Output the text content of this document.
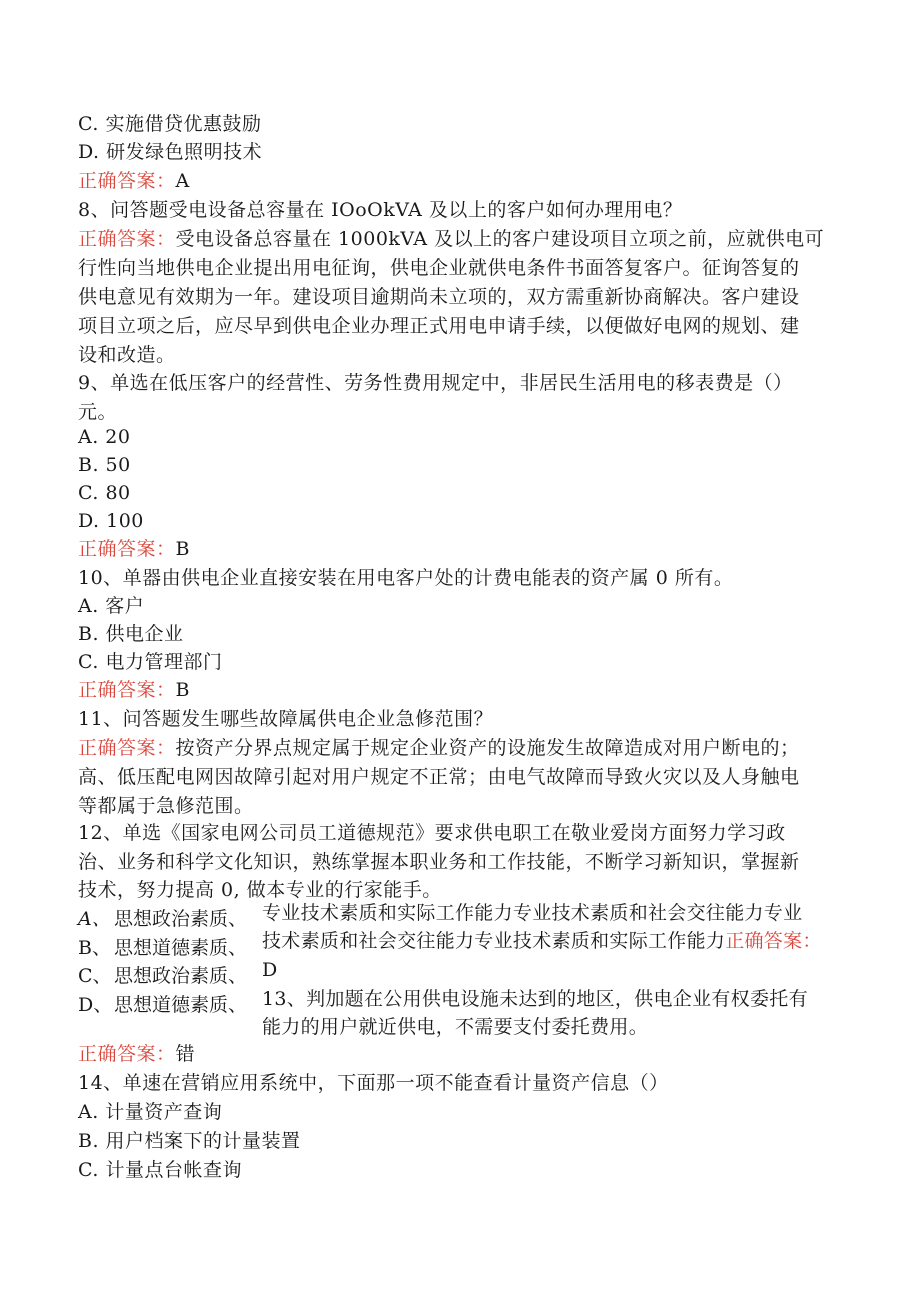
C. 实施借贷优惠鼓励
D. 研发绿色照明技术
正确答案：A
8、问答题受电设备总容量在 IOoOkVA 及以上的客户如何办理用电？
正确答案：受电设备总容量在 1000kVA 及以上的客户建设项目立项之前，应就供电可
行性向当地供电企业提出用电征询，供电企业就供电条件书面答复客户。征询答复的
供电意见有效期为一年。建设项目逾期尚未立项的，双方需重新协商解决。客户建设
项目立项之后，应尽早到供电企业办理正式用电申请手续，以便做好电网的规划、建
设和改造。
9、单选在低压客户的经营性、劳务性费用规定中，非居民生活用电的移表费是（）
元。
A. 20
B. 50
C. 80
D. 100
正确答案：B
10、单器由供电企业直接安装在用电客户处的计费电能表的资产属 0 所有。
A. 客户
B. 供电企业
C. 电力管理部门
正确答案：B
11、问答题发生哪些故障属供电企业急修范围？
正确答案：按资产分界点规定属于规定企业资产的设施发生故障造成对用户断电的；
高、低压配电网因故障引起对用户规定不正常；由电气故障而导致火灾以及人身触电
等都属于急修范围。
12、单选《国家电网公司员工道德规范》要求供电职工在敬业爱岗方面努力学习政
治、业务和科学文化知识，熟练掌握本职业务和工作技能，不断学习新知识，掌握新
技术，努力提高 0, 做本专业的行家能手。
A、 思想政治素质、
B、 思想道德素质、
C、 思想政治素质、
D、思想道德素质、
专业技术素质和实际工作能力专业技术素质和社会交往能力专业
技术素质和社会交往能力专业技术素质和实际工作能力正确答案：
D
13、判加题在公用供电设施未达到的地区，供电企业有权委托有
能力的用户就近供电，不需要支付委托费用。
正确答案：错
14、单速在营销应用系统中，下面那一项不能查看计量资产信息（）
A. 计量资产查询
B. 用户档案下的计量装置
C. 计量点台帐查询
